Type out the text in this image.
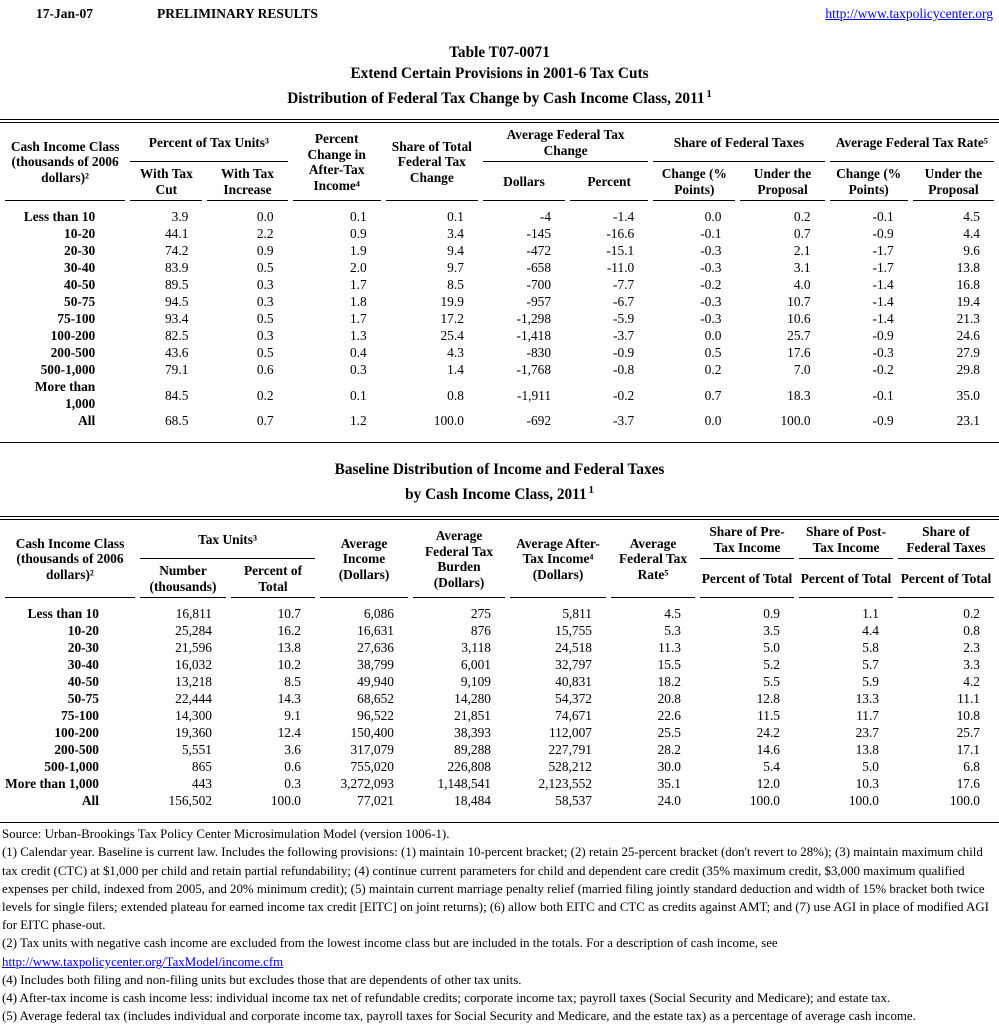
17-Jan-07	PRELIMINARY RESULTS	http://www.taxpolicycenter.org
Table T07-0071
Extend Certain Provisions in 2001-6 Tax Cuts
Distribution of Federal Tax Change by Cash Income Class, 2011 $^1$
Cash Income Class (thousands of 2006 dollars)²	Percent of Tax Units³		Percent Change in After-Tax Income⁴	Share of Total Federal Tax Change	Average Federal Tax Change		Share of Federal Taxes		Average Federal Tax Rate⁵	
	With Tax Cut	With Tax Increase			Dollars	Percent	Change (% Points)	Under the Proposal	Change (% Points)	Under the Proposal
Less than 10	3.9	0.0	0.1	0.1	-4	-1.4	0.0	0.2	-0.1	4.5
10-20	44.1	2.2	0.9	3.4	-145	-16.6	-0.1	0.7	-0.9	4.4
20-30	74.2	0.9	1.9	9.4	-472	-15.1	-0.3	2.1	-1.7	9.6
30-40	83.9	0.5	2.0	9.7	-658	-11.0	-0.3	3.1	-1.7	13.8
40-50	89.5	0.3	1.7	8.5	-700	-7.7	-0.2	4.0	-1.4	16.8
50-75	94.5	0.3	1.8	19.9	-957	-6.7	-0.3	10.7	-1.4	19.4
75-100	93.4	0.5	1.7	17.2	-1,298	-5.9	-0.3	10.6	-1.4	21.3
100-200	82.5	0.3	1.3	25.4	-1,418	-3.7	0.0	25.7	-0.9	24.6
200-500	43.6	0.5	0.4	4.3	-830	-0.9	0.5	17.6	-0.3	27.9
500-1,000	79.1	0.6	0.3	1.4	-1,768	-0.8	0.2	7.0	-0.2	29.8
More than 1,000	84.5	0.2	0.1	0.8	-1,911	-0.2	0.7	18.3	-0.1	35.0
All	68.5	0.7	1.2	100.0	-692	-3.7	0.0	100.0	-0.9	23.1
Baseline Distribution of Income and Federal Taxes
by Cash Income Class, 2011 $^1$
Cash Income Class (thousands of 2006 dollars)²	Tax Units³		Average Income (Dollars)	Average Federal Tax Burden (Dollars)	Average After-Tax Income⁴ (Dollars)	Average Federal Tax Rate⁵	Share of Pre-Tax Income	Share of Post-Tax Income	Share of Federal Taxes
	Number (thousands)	Percent of Total					Percent of Total	Percent of Total	Percent of Total
Less than 10	16,811	10.7	6,086	275	5,811	4.5	0.9	1.1	0.2
10-20	25,284	16.2	16,631	876	15,755	5.3	3.5	4.4	0.8
20-30	21,596	13.8	27,636	3,118	24,518	11.3	5.0	5.8	2.3
30-40	16,032	10.2	38,799	6,001	32,797	15.5	5.2	5.7	3.3
40-50	13,218	8.5	49,940	9,109	40,831	18.2	5.5	5.9	4.2
50-75	22,444	14.3	68,652	14,280	54,372	20.8	12.8	13.3	11.1
75-100	14,300	9.1	96,522	21,851	74,671	22.6	11.5	11.7	10.8
100-200	19,360	12.4	150,400	38,393	112,007	25.5	24.2	23.7	25.7
200-500	5,551	3.6	317,079	89,288	227,791	28.2	14.6	13.8	17.1
500-1,000	865	0.6	755,020	226,808	528,212	30.0	5.4	5.0	6.8
More than 1,000	443	0.3	3,272,093	1,148,541	2,123,552	35.1	12.0	10.3	17.6
All	156,502	100.0	77,021	18,484	58,537	24.0	100.0	100.0	100.0

Source: Urban-Brookings Tax Policy Center Microsimulation Model (version 1006-1).

(1) Calendar year. Baseline is current law. Includes the following provisions: (1) maintain 10-percent bracket; (2) retain 25-percent bracket (don't revert to 28%); (3) maintain maximum child tax credit (CTC) at $1,000 per child and retain partial refundability; (4) continue current parameters for child and dependent care credit (35% maximum credit, $3,000 maximum qualified expenses per child, indexed from 2005, and 20% minimum credit); (5) maintain current marriage penalty relief (married filing jointly standard deduction and width of 15% bracket both twice levels for single filers; extended plateau for earned income tax credit [EITC] on joint returns); (6) allow both EITC and CTC as credits against AMT; and (7) use AGI in place of modified AGI for EITC phase-out.

(2) Tax units with negative cash income are excluded from the lowest income class but are included in the totals. For a description of cash income, see

http://www.taxpolicycenter.org/TaxModel/income.cfm

(4) Includes both filing and non-filing units but excludes those that are dependents of other tax units.

(4) After-tax income is cash income less: individual income tax net of refundable credits; corporate income tax; payroll taxes (Social Security and Medicare); and estate tax.

(5) Average federal tax (includes individual and corporate income tax, payroll taxes for Social Security and Medicare, and the estate tax) as a percentage of average cash income.
